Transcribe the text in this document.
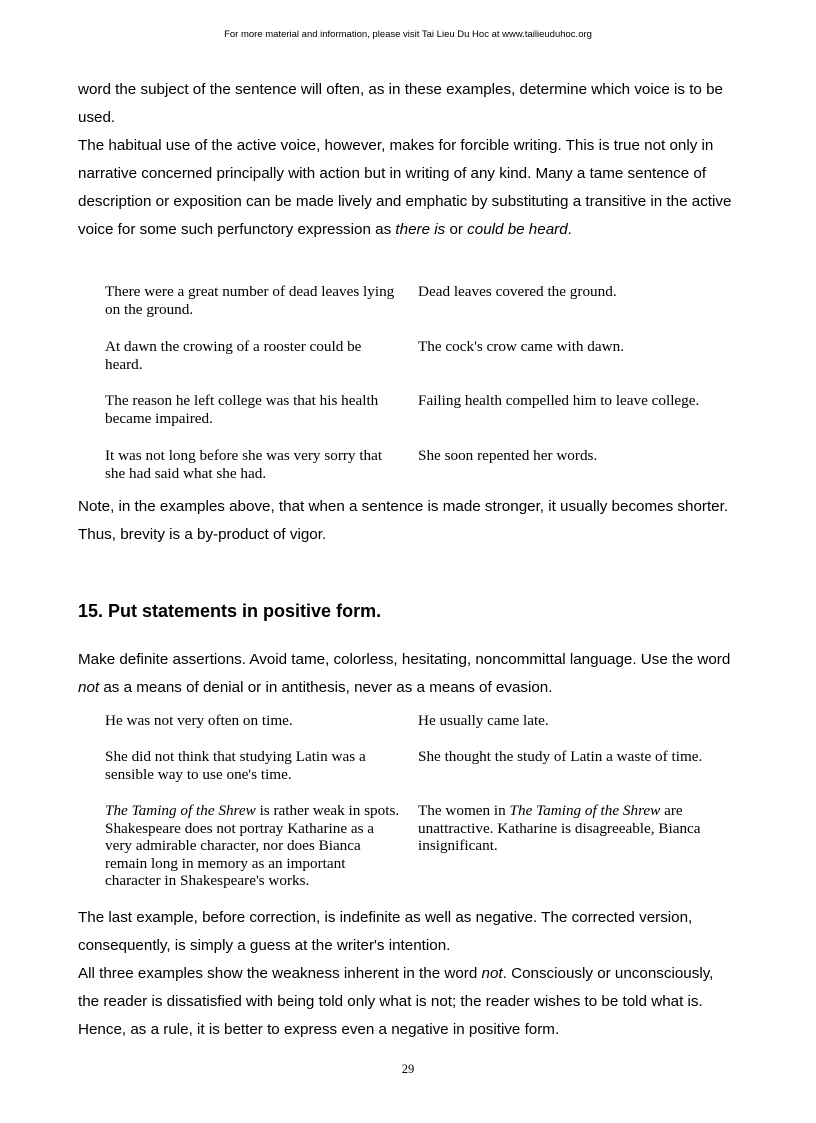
For more material and information, please visit Tai Lieu Du Hoc at www.tailieuduhoc.org

word the subject of the sentence will often, as in these examples, determine which voice is to be used.

The habitual use of the active voice, however, makes for forcible writing. This is true not only in narrative concerned principally with action but in writing of any kind. Many a tame sentence of description or exposition can be made lively and emphatic by substituting a transitive in the active voice for some such perfunctory expression as there is or could be heard.

There were a great number of dead leaves lying on the ground.
Dead leaves covered the ground.
At dawn the crowing of a rooster could be heard.
The cock's crow came with dawn.
The reason he left college was that his health became impaired.
Failing health compelled him to leave college.
It was not long before she was very sorry that she had said what she had.
She soon repented her words.

Note, in the examples above, that when a sentence is made stronger, it usually becomes shorter. Thus, brevity is a by-product of vigor.

15. Put statements in positive form.

Make definite assertions. Avoid tame, colorless, hesitating, noncommittal language. Use the word not as a means of denial or in antithesis, never as a means of evasion.

He was not very often on time.	He usually came late.
She did not think that studying Latin was a sensible way to use one's time.
She thought the study of Latin a waste of time.
The Taming of the Shrew is rather weak in spots. Shakespeare does not portray Katharine as a very admirable character, nor does Bianca remain long in memory as an important character in Shakespeare's works.
The women in The Taming of the Shrew are unattractive. Katharine is disagreeable, Bianca insignificant.

The last example, before correction, is indefinite as well as negative. The corrected version, consequently, is simply a guess at the writer's intention.

All three examples show the weakness inherent in the word not. Consciously or unconsciously, the reader is dissatisfied with being told only what is not; the reader wishes to be told what is. Hence, as a rule, it is better to express even a negative in positive form.

29
